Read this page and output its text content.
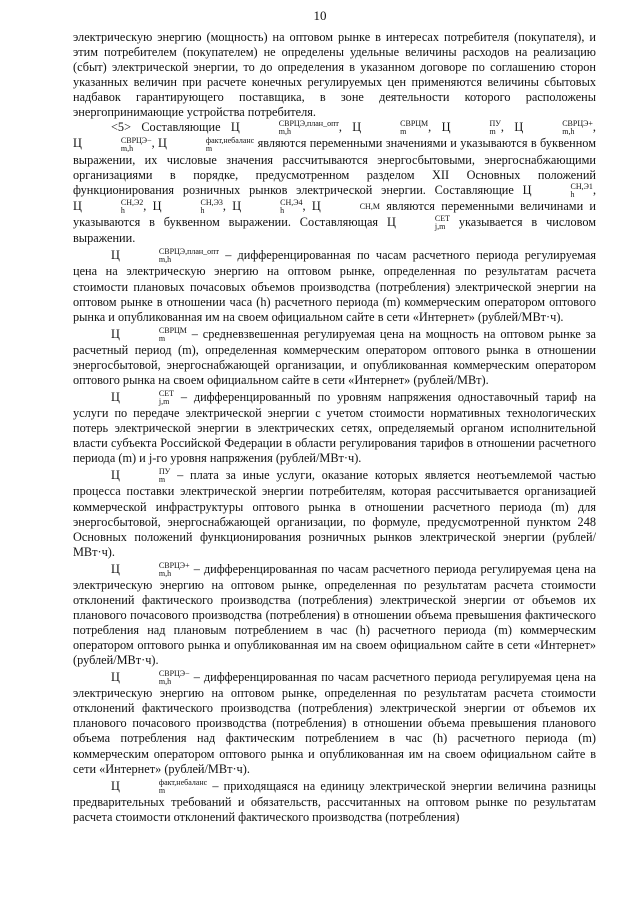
10

электрическую энергию (мощность) на оптовом рынке в интересах потребителя (покупателя), и этим потребителем (покупателем) не определены удельные величины расходов на реализацию (сбыт) электрической энергии, то до определения в указанном договоре по соглашению сторон указанных величин при расчете конечных регулируемых цен применяются величины сбытовых надбавок гарантирующего поставщика, в зоне деятельности которого расположены энергопринимающие устройства потребителя.

<5> Составляющие Ц	СВРЦЭ,план_опт
m,h	, Ц	СВРЦМ
m	, Ц	ПУ
m , Ц	СВРЦЭ+
m,h	, Ц	СВРЦЭ−
m,h	, Ц	факт,небаланс
m	являются переменными значениями и указываются в буквенном выражении, их числовые значения рассчитываются энергосбытовыми, энергоснабжающими организациями в порядке, предусмотренном разделом XII Основных положений функционирования розничных рынков электрической энергии. Составляющие Ц	СН,Э1
h	, Ц	СН,Э2
h	, Ц	СН,Э3
h	, Ц	СН,Э4
h	, Ц	СН,М являются переменными величинами и указываются в буквенном выражении. Составляющая Ц	СЕТ
j,m	указывается в числовом выражении.

Ц	СВРЦЭ,план_опт
m,h	– дифференцированная по часам расчетного периода регулируемая цена на электрическую энергию на оптовом рынке, определенная по результатам расчета стоимости плановых почасовых объемов производства (потребления) электрической энергии на оптовом рынке в отношении часа (h) расчетного периода (m) коммерческим оператором оптового рынка и опубликованная им на своем официальном сайте в сети «Интернет» (рублей/МВт·ч).

Ц	СВРЦМ
m	– средневзвешенная регулируемая цена на мощность на оптовом рынке за расчетный период (m), определенная коммерческим оператором оптового рынка в отношении энергосбытовой, энергоснабжающей организации, и опубликованная коммерческим оператором оптового рынка на своем официальном сайте в сети «Интернет» (рублей/МВт).

Ц	СЕТ
j,m – дифференцированный по уровням напряжения одноставочный тариф на услуги по передаче электрической энергии с учетом стоимости нормативных технологических потерь электрической энергии в электрических сетях, определяемый органом исполнительной власти субъекта Российской Федерации в области регулирования тарифов в отношении расчетного периода (m) и j-го уровня напряжения (рублей/МВт·ч).

Ц	ПУ
m – плата за иные услуги, оказание которых является неотъемлемой частью процесса поставки электрической энергии потребителям, которая рассчитывается организацией коммерческой инфраструктуры оптового рынка в отношении расчетного периода (m) для энергосбытовой, энергоснабжающей организации, по формуле, предусмотренной пунктом 248 Основных положений функционирования розничных рынков электрической энергии (рублей/МВт·ч).

Ц	СВРЦЭ+
m,h	– дифференцированная по часам расчетного периода регулируемая цена на электрическую энергию на оптовом рынке, определенная по результатам расчета стоимости отклонений фактического производства (потребления) электрической энергии от объемов их планового почасового производства (потребления) в отношении объема превышения фактического потребления над плановым потреблением в час (h) расчетного периода (m) коммерческим оператором оптового рынка и опубликованная им на своем официальном сайте в сети «Интернет» (рублей/МВт·ч).

Ц	СВРЦЭ−
m,h	– дифференцированная по часам расчетного периода регулируемая цена на электрическую энергию на оптовом рынке, определенная по результатам расчета стоимости отклонений фактического производства (потребления) электрической энергии от объемов их планового почасового производства (потребления) в отношении объема превышения планового объема потребления над фактическим потреблением в час (h) расчетного периода (m) коммерческим оператором оптового рынка и опубликованная им на своем официальном сайте в сети «Интернет» (рублей/МВт·ч).

Ц	факт,небаланс
m	– приходящаяся на единицу электрической энергии величина разницы предварительных требований и обязательств, рассчитанных на оптовом рынке по результатам расчета стоимости отклонений фактического производства (потребления)
